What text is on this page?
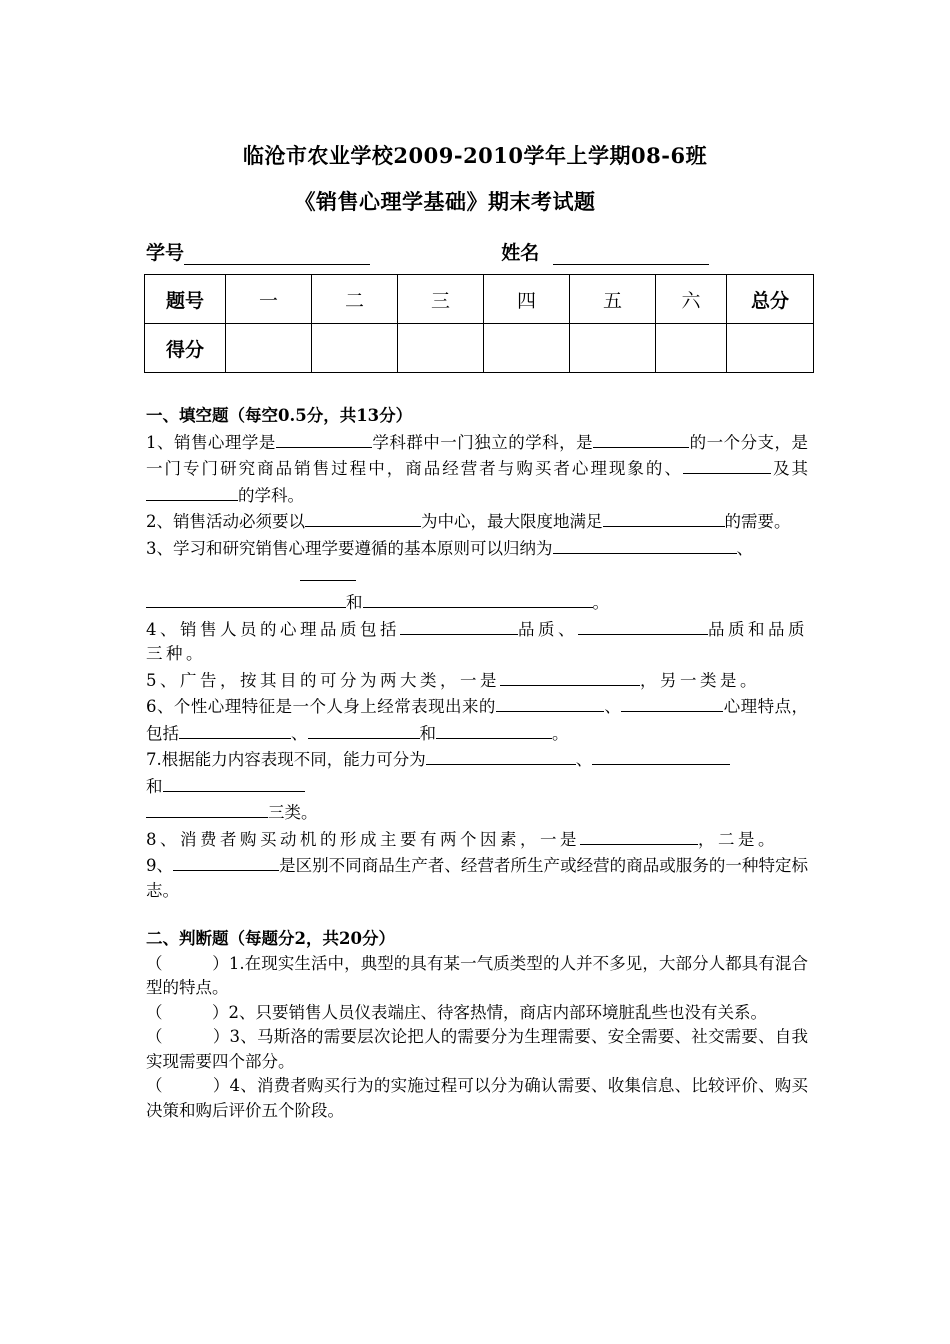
临沧市农业学校2009-2010学年上学期08-6班
《销售心理学基础》期末考试题
学号	姓名
题号	一	二	三	四	五	六	总分
得分							

一、填空题（每空0.5分，共13分）

1、销售心理学是	学科群中一门独立的学科，是	的一个分支，是一门专门研究商品销售过程中，商品经营者与购买者心理现象的、	及其的学科。

2、销售活动必须要以	为中心，最大限度地满足	的需要。

3、学习和研究销售心理学要遵循的基本原则可以归纳为	、

和	。

4、销售人员的心理品质包括	品质、	品质和品质三种。

5、广告，按其目的可分为两大类，一是	，另一类是。

6、个性心理特征是一个人身上经常表现出来的	、	心理特点，包括	、	和	。

7.根据能力内容表现不同，能力可分为	、
和
三类。

8、消费者购买动机的形成主要有两个因素，一是	，二是。

9、	是区别不同商品生产者、经营者所生产或经营的商品或服务的一种特定标志。

二、判断题（每题分2，共20分）

（　　　）1.在现实生活中，典型的具有某一气质类型的人并不多见，大部分人都具有混合型的特点。

（　　　）2、只要销售人员仪表端庄、待客热情，商店内部环境脏乱些也没有关系。

（　　　）3、马斯洛的需要层次论把人的需要分为生理需要、安全需要、社交需要、自我实现需要四个部分。

（　　　）4、消费者购买行为的实施过程可以分为确认需要、收集信息、比较评价、购买决策和购后评价五个阶段。
